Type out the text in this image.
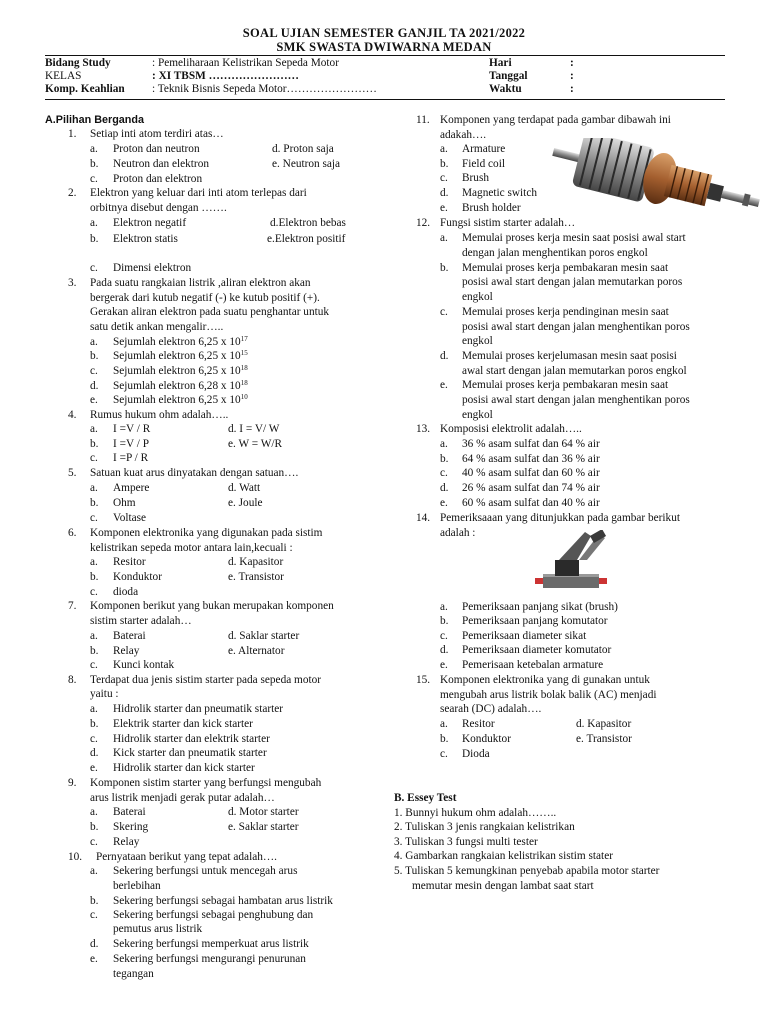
SOAL UJIAN SEMESTER GANJIL TA 2021/2022
SMK SWASTA DWIWARNA MEDAN
Bidang Study	: Pemeliharaan Kelistrikan Sepeda Motor	Hari	:
KELAS	: XI TBSM ……………………	Tanggal	:
Komp. Keahlian : Teknik Bisnis Sepeda Motor……………………	Waktu	:
A.Pilihan Berganda
1. Setiap inti atom terdiri atas…
a. Proton dan neutron	d. Proton saja
b. Neutron dan elektron	e. Neutron saja
c. Proton dan elektron
2. Elektron yang keluar dari inti atom terlepas dari
orbitnya disebut dengan …….
a. Elektron negatif	d.Elektron bebas
b. Elektron statis	e.Elektron positif
c. Dimensi elektron
3. Pada suatu rangkaian listrik ,aliran elektron akan
bergerak dari kutub negatif (-) ke kutub positif (+).
Gerakan aliran elektron pada suatu penghantar untuk
satu detik ankan mengalir…..
a. Sejumlah elektron 6,25 x $10^{17}$
b. Sejumlah elektron 6,25 x $10^{15}$
c. Sejumlah elektron 6,25 x $10^{18}$
d. Sejumlah elektron 6,28 x $10^{18}$
e. Sejumlah elektron 6,25 x $10^{10}$
4. Rumus hukum ohm adalah…..
a. I =V / R	d. I = V/ W
b. I =V / P	e. W = W/R
c. I =P / R
5. Satuan kuat arus dinyatakan dengan satuan….
a. Ampere	d. Watt
b. Ohm	e. Joule
c. Voltase
6. Komponen elektronika yang digunakan pada sistim
kelistrikan sepeda motor antara lain,kecuali :
a. Resitor	d. Kapasitor
b. Konduktor	e. Transistor
c. dioda
7. Komponen berikut yang bukan merupakan komponen
sistim starter adalah…
a. Baterai	d. Saklar starter
b. Relay	e. Alternator
c. Kunci kontak
8. Terdapat dua jenis sistim starter pada sepeda motor
yaitu :
a. Hidrolik starter dan pneumatik starter
b. Elektrik starter dan kick starter
c. Hidrolik starter dan elektrik starter
d. Kick starter dan pneumatik starter
e. Hidrolik starter dan kick starter
9. Komponen sistim starter yang berfungsi mengubah
arus listrik menjadi gerak putar adalah…
a. Baterai	d. Motor starter
b. Skering	e. Saklar starter
c. Relay
10. Pernyataan berikut yang tepat adalah….
a. Sekering berfungsi untuk mencegah arus
berlebihan
b. Sekering berfungsi sebagai hambatan arus listrik
c. Sekering berfungsi sebagai penghubung dan
pemutus arus listrik
d. Sekering berfungsi memperkuat arus listrik
e. Sekering berfungsi mengurangi penurunan
tegangan
11. Komponen yang terdapat pada gambar dibawah ini
adakah….
a. Armature
b. Field coil
c. Brush
d. Magnetic switch
e. Brush holder
12. Fungsi sistim starter adalah…
a. Memulai proses kerja mesin saat posisi awal start
dengan jalan menghentikan poros engkol
b. Memulai proses kerja pembakaran mesin saat
posisi awal start dengan jalan memutarkan poros
engkol
c. Memulai proses kerja pendinginan mesin saat
posisi awal start dengan jalan menghentikan poros
engkol
d. Memulai proses kerjelumasan mesin saat posisi
awal start dengan jalan memutarkan poros engkol
e. Memulai proses kerja pembakaran mesin saat
posisi awal start dengan jalan menghentikan poros
engkol
13. Komposisi elektrolit adalah…..
a. 36 % asam sulfat dan 64 % air
b. 64 % asam sulfat dan 36 % air
c. 40 % asam sulfat dan 60 % air
d. 26 % asam sulfat dan 74 % air
e. 60 % asam sulfat dan 40 % air
14. Pemeriksaaan yang ditunjukkan pada gambar berikut
adalah :
a. Pemeriksaan panjang sikat (brush)
b. Pemeriksaan panjang komutator
c. Pemeriksaan diameter sikat
d. Pemeriksaan diameter komutator
e. Pemerisaan ketebalan armature
15. Komponen elektronika yang di gunakan untuk
mengubah arus listrik bolak balik (AC) menjadi
searah (DC) adalah….
a. Resitor	d. Kapasitor
b. Konduktor	e. Transistor
c. Dioda
B. Essey Test
1. Bunnyi hukum ohm adalah……..
2. Tuliskan 3 jenis rangkaian kelistrikan
3. Tuliskan 3 fungsi multi tester
4. Gambarkan rangkaian kelistrikan sistim stater
5. Tuliskan 5 kemungkinan penyebab apabila motor starter
memutar mesin dengan lambat saat start
